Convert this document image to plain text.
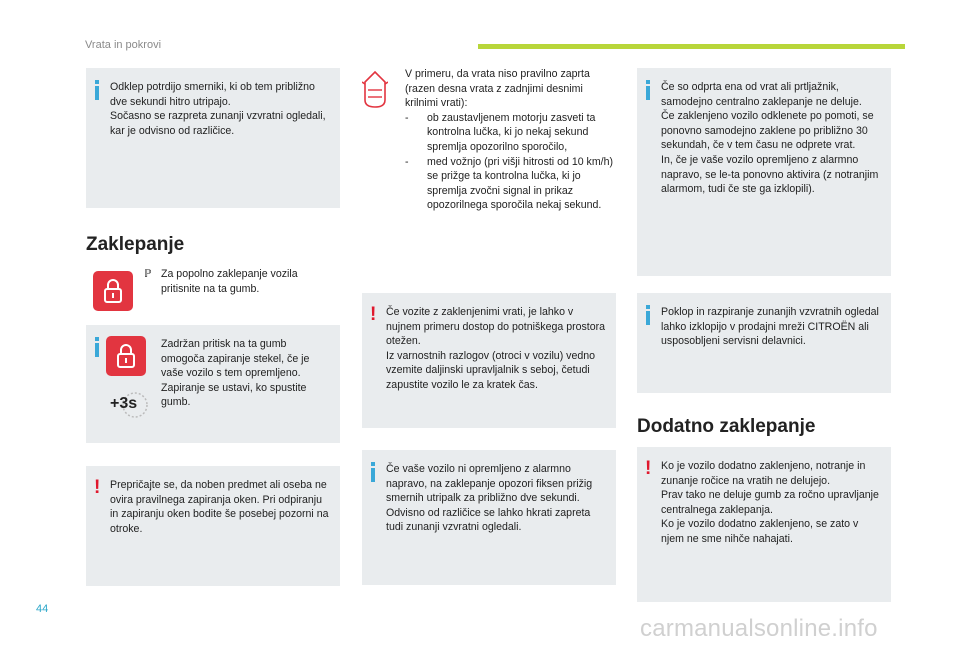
Vrata in pokrovi

Odklep potrdijo smerniki, ki ob tem približno dve sekundi hitro utripajo.
Sočasno se razpreta zunanji vzvratni ogledali, kar je odvisno od različice.

Zaklepanje
ℙ Za popolno zaklepanje vozila pritisnite na ta gumb.
+3s

Zadržan pritisk na ta gumb omogoča zapiranje stekel, če je vaše vozilo s tem opremljeno. Zapiranje se ustavi, ko spustite gumb.

! Prepričajte se, da noben predmet ali oseba ne ovira pravilnega zapiranja oken. Pri odpiranju in zapiranju oken bodite še posebej pozorni na otroke.

V primeru, da vrata niso pravilno zaprta (razen desna vrata z zadnjimi desnimi krilnimi vrati):

- ob zaustavljenem motorju zasveti ta kontrolna lučka, ki jo nekaj sekund spremlja opozorilno sporočilo,
- med vožnjo (pri višji hitrosti od 10 km/h) se prižge ta kontrolna lučka, ki jo spremlja zvočni signal in prikaz opozorilnega sporočila nekaj sekund.
! Če vozite z zaklenjenimi vrati, je lahko v nujnem primeru dostop do potniškega prostora otežen.
Iz varnostnih razlogov (otroci v vozilu) vedno vzemite daljinski upravljalnik s seboj, četudi zapustite vozilo le za kratek čas.

Če vaše vozilo ni opremljeno z alarmno napravo, na zaklepanje opozori fiksen prižig smernih utripalk za približno dve sekundi.
Odvisno od različice se lahko hkrati zapreta tudi zunanji vzvratni ogledali.

Če so odprta ena od vrat ali prtljažnik, samodejno centralno zaklepanje ne deluje.
Če zaklenjeno vozilo odklenete po pomoti, se ponovno samodejno zaklene po približno 30 sekundah, če v tem času ne odprete vrat.
In, če je vaše vozilo opremljeno z alarmno napravo, se le-ta ponovno aktivira (z notranjim alarmom, tudi če ste ga izklopili).

Poklop in razpiranje zunanjih vzvratnih ogledal lahko izklopijo v prodajni mreži CITROËN ali usposobljeni servisni delavnici.

Dodatno zaklepanje
! Ko je vozilo dodatno zaklenjeno, notranje in zunanje ročice na vratih ne delujejo.
Prav tako ne deluje gumb za ročno upravljanje centralnega zaklepanja.
Ko je vozilo dodatno zaklenjeno, se zato v njem ne sme nihče nahajati.

44
carmanualsonline.info
